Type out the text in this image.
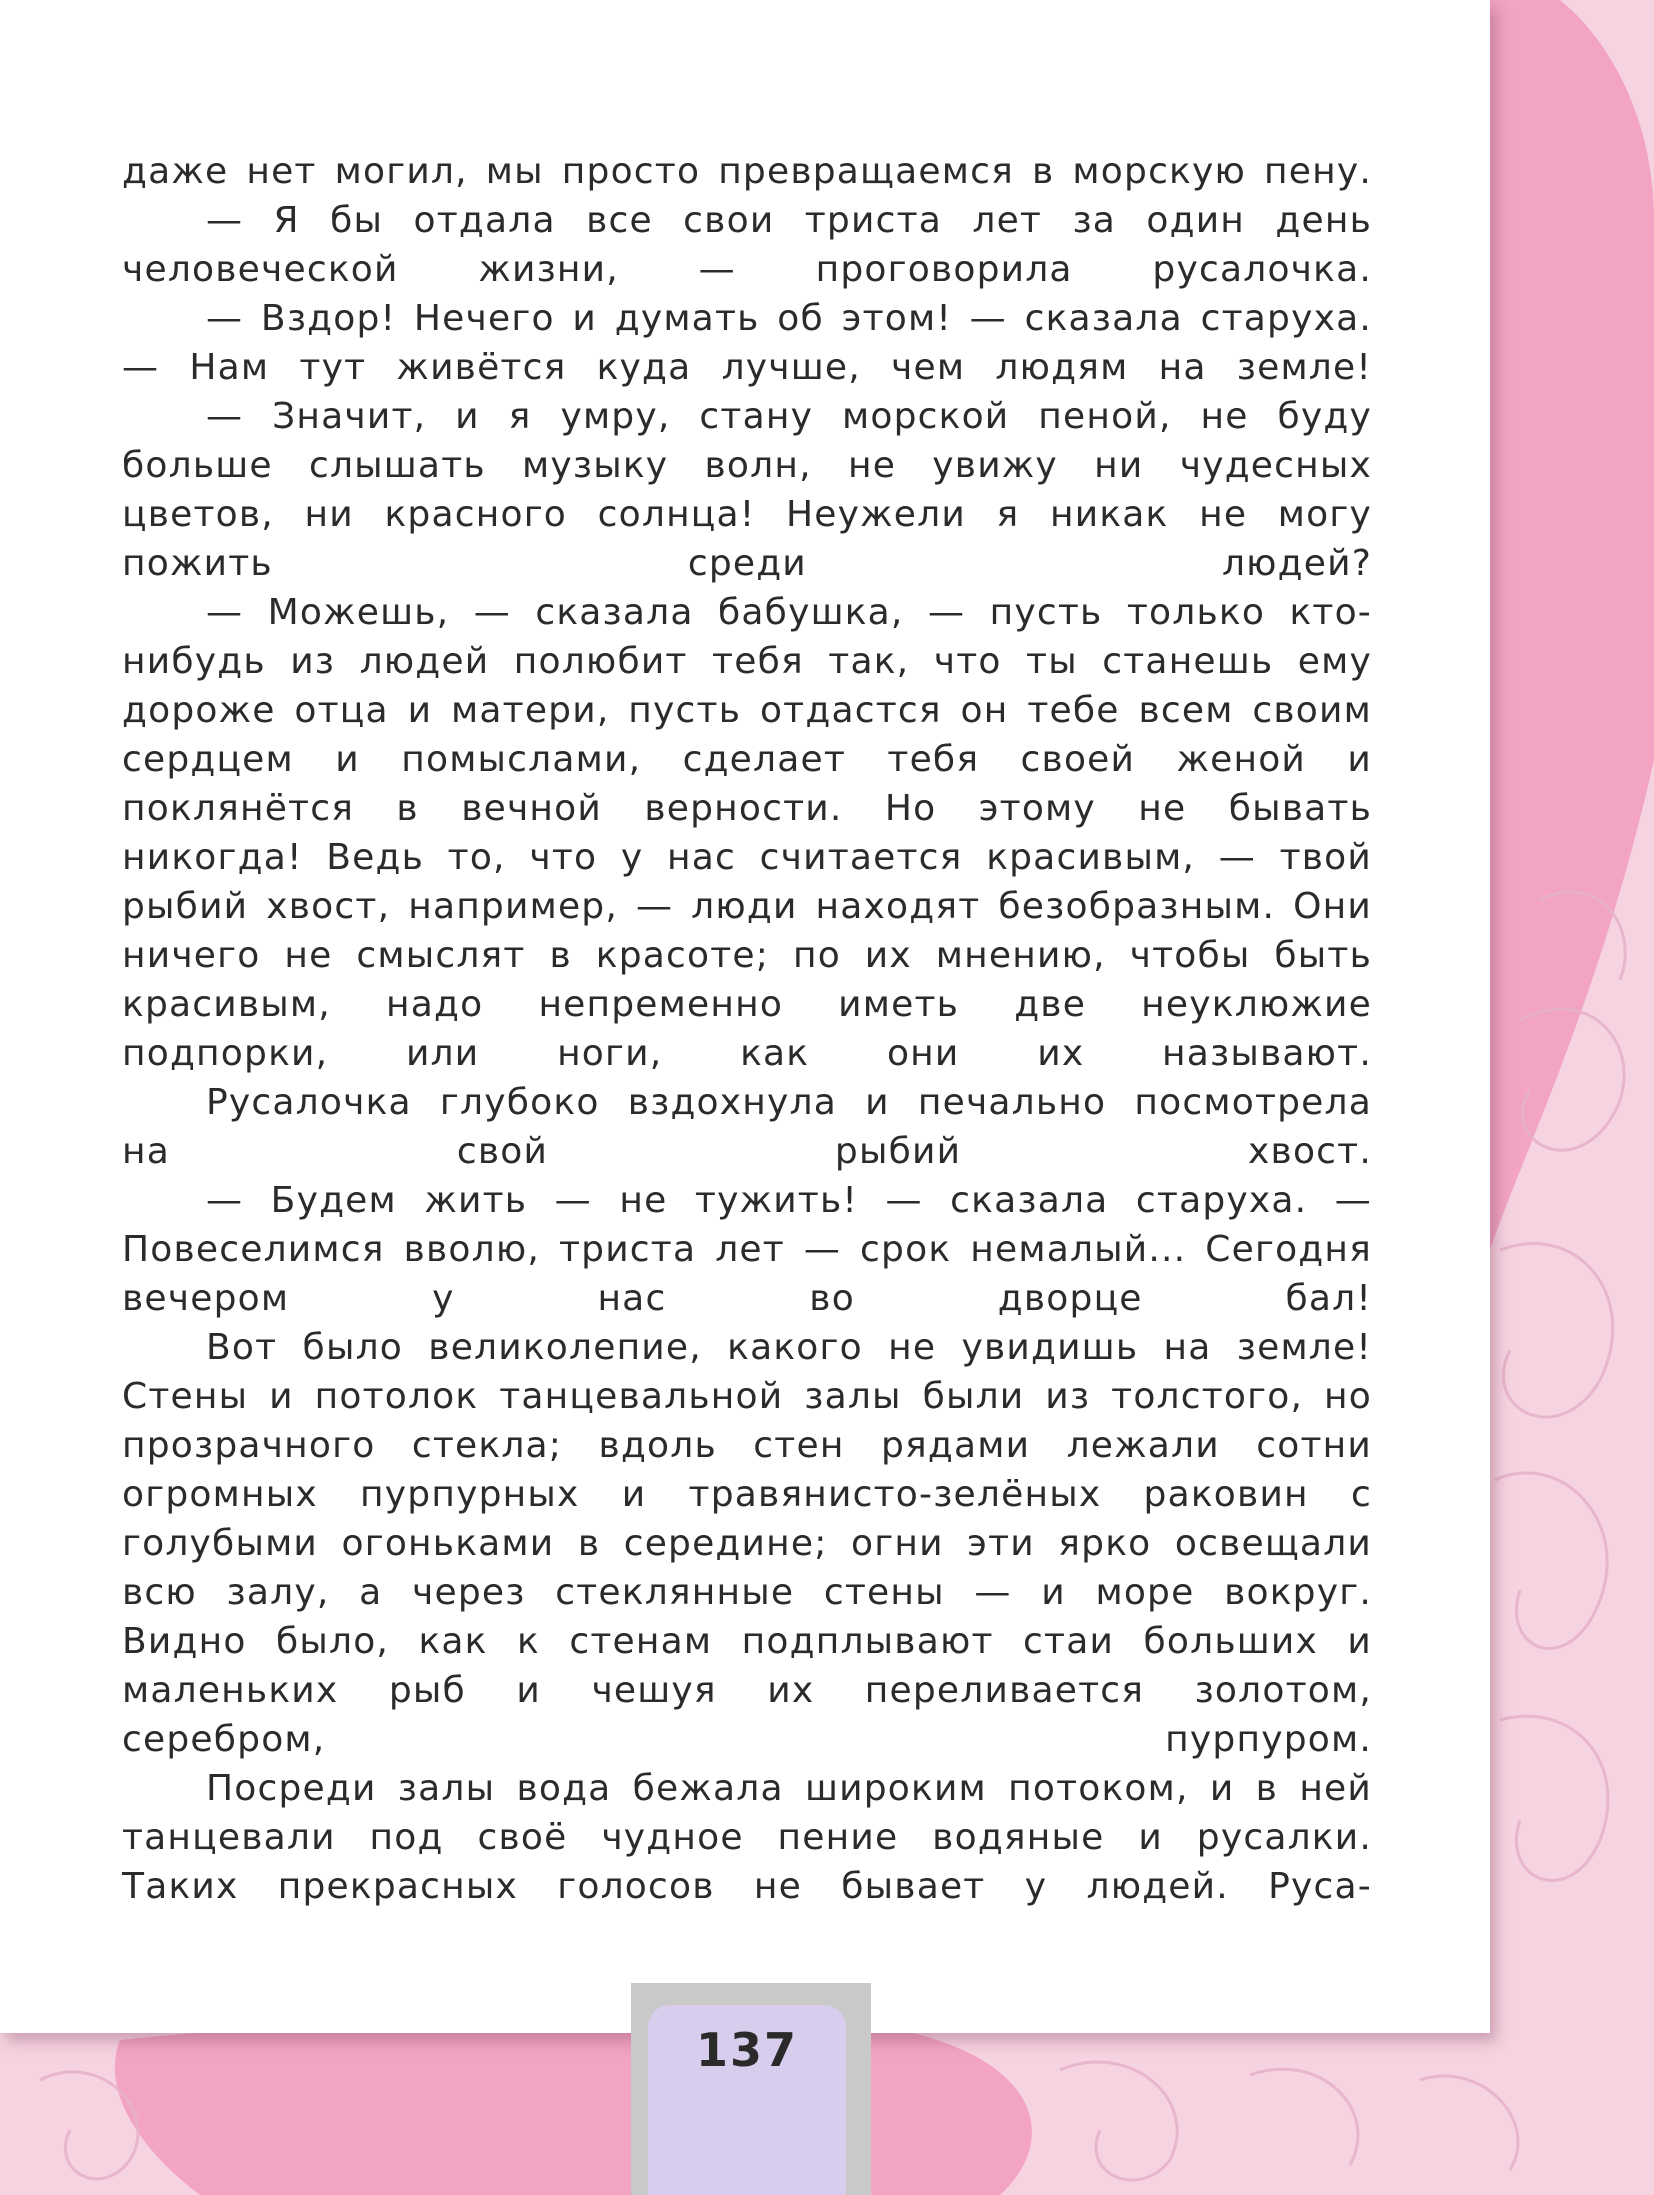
даже нет могил, мы просто превращаемся в морскую пену.

— Я бы отдала все свои триста лет за один день человеческой жизни, — проговорила русалочка.

— Вздор! Нечего и думать об этом! — сказала старуха. — Нам тут живётся куда лучше, чем людям на земле!

— Значит, и я умру, стану морской пеной, не буду больше слышать музыку волн, не увижу ни чудесных цветов, ни красного солнца! Неужели я никак не могу пожить среди людей?

— Можешь, — сказала бабушка, — пусть только кто-нибудь из людей полюбит тебя так, что ты станешь ему дороже отца и матери, пусть отдастся он тебе всем своим сердцем и помыслами, сделает тебя своей женой и поклянётся в вечной верности. Но этому не бывать никогда! Ведь то, что у нас считается красивым, — твой рыбий хвост, например, — люди находят безобразным. Они ничего не смыслят в красоте; по их мнению, чтобы быть красивым, надо непременно иметь две неуклюжие подпорки, или ноги, как они их называют.

Русалочка глубоко вздохнула и печально посмотрела на свой рыбий хвост.

— Будем жить — не тужить! — сказала старуха. — Повеселимся вволю, триста лет — срок немалый... Сегодня вечером у нас во дворце бал!

Вот было великолепие, какого не увидишь на земле! Стены и потолок танцевальной залы были из толстого, но прозрачного стекла; вдоль стен рядами лежали сотни огромных пурпурных и травянисто-зелёных раковин с голубыми огоньками в середине; огни эти ярко освещали всю залу, а через стеклянные стены — и море вокруг. Видно было, как к стенам подплывают стаи больших и маленьких рыб и чешуя их переливается золотом, серебром, пурпуром.

Посреди залы вода бежала широким потоком, и в ней танцевали под своё чудное пение водяные и русалки. Таких прекрасных голосов не бывает у людей. Руса-

137
